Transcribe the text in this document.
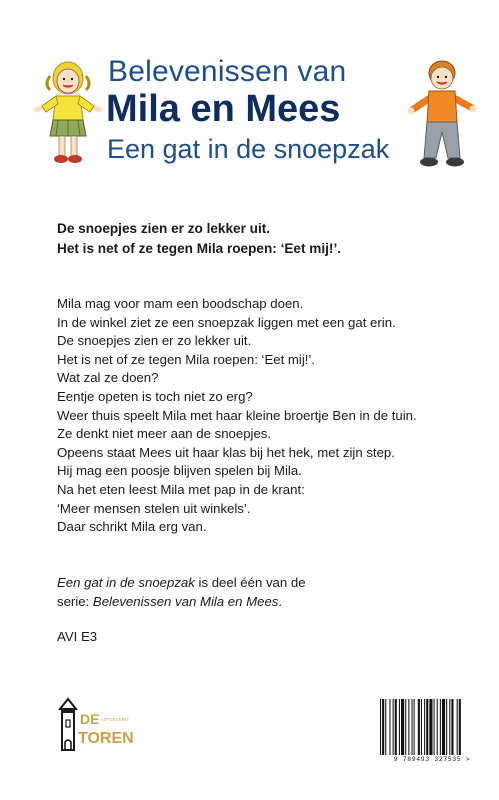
Belevenissen van
Mila en Mees
Een gat in de snoepzak

De snoepjes zien er zo lekker uit.

Het is net of ze tegen Mila roepen: ‘Eet mij!’.

Mila mag voor mam een boodschap doen.

In de winkel ziet ze een snoepzak liggen met een gat erin.

De snoepjes zien er zo lekker uit.

Het is net of ze tegen Mila roepen: ‘Eet mij!’.

Wat zal ze doen?

Eentje opeten is toch niet zo erg?

Weer thuis speelt Mila met haar kleine broertje Ben in de tuin.

Ze denkt niet meer aan de snoepjes.

Opeens staat Mees uit haar klas bij het hek, met zijn step.

Hij mag een poosje blijven spelen bij Mila.

Na het eten leest Mila met pap in de krant:

‘Meer mensen stelen uit winkels’.

Daar schrikt Mila erg van.

Een gat in de snoepzak is deel één van de

serie: Belevenissen van Mila en Mees.

AVI E3
DE UITGEVERIJ
TOREN
9 789493 327535 >
